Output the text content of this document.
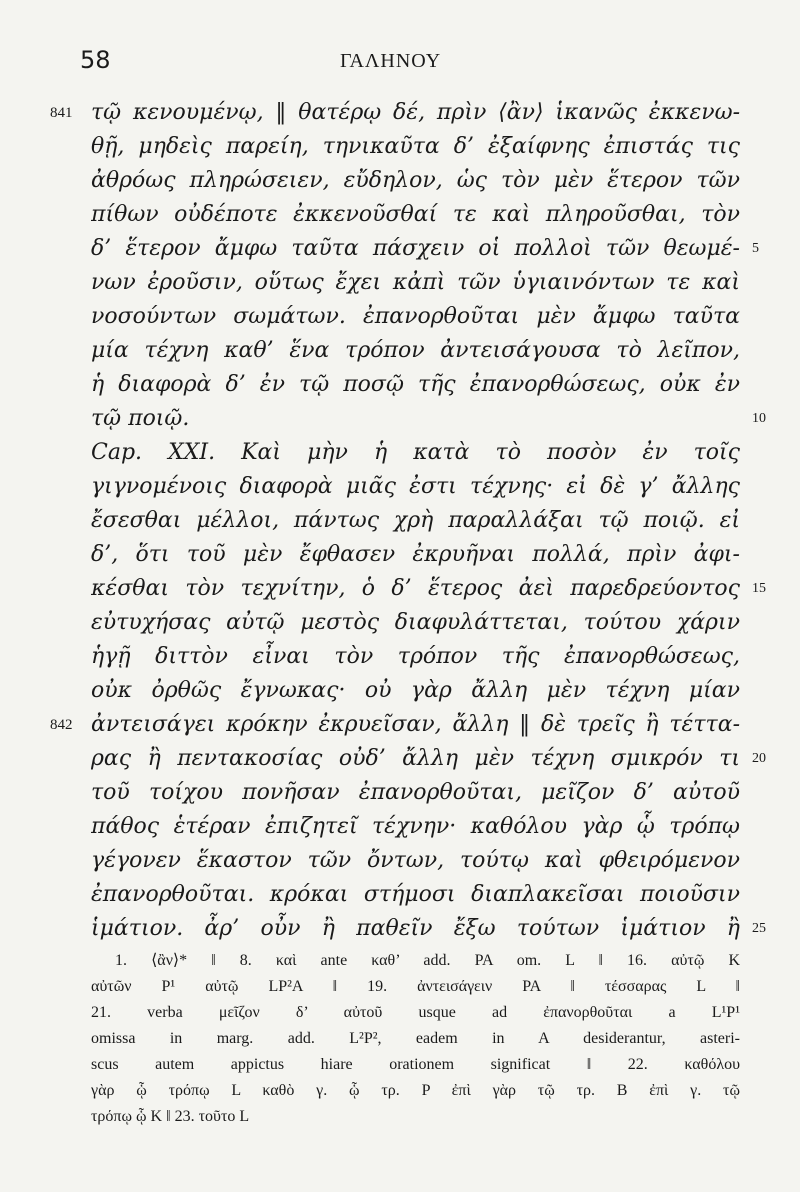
58	ΓΑΛΗΝΟΥ
841 τῷ κενουμένῳ, ‖ θατέρῳ δέ, πρὶν ⟨ἂν⟩ ἱκανῶς ἐκκενω-
θῇ, μηδεὶς παρείη, τηνικαῦτα δ’ ἐξαίφνης ἐπιστάς τις
ἀθρόως πληρώσειεν, εὔδηλον, ὡς τὸν μὲν ἕτερον τῶν
πίθων οὐδέποτε ἐκκενοῦσθαί τε καὶ πληροῦσθαι, τὸν
δ’ ἕτερον ἄμφω ταῦτα πάσχειν οἱ πολλοὶ τῶν θεωμέ- 5
νων ἐροῦσιν, οὕτως ἔχει κἀπὶ τῶν ὑγιαινόντων τε καὶ
νοσούντων σωμάτων. ἐπανορθοῦται μὲν ἄμφω ταῦτα
μία τέχνη καθ’ ἕνα τρόπον ἀντεισάγουσα τὸ λεῖπον,
ἡ διαφορὰ δ’ ἐν τῷ ποσῷ τῆς ἐπανορθώσεως, οὐκ ἐν
τῷ ποιῷ.	10
Cap. XXI. Καὶ μὴν ἡ κατὰ τὸ ποσὸν ἐν τοῖς
γιγνομένοις διαφορὰ μιᾶς ἐστι τέχνης· εἰ δὲ γ’ ἄλλης
ἔσεσθαι μέλλοι, πάντως χρὴ παραλλάξαι τῷ ποιῷ. εἰ
δ’, ὅτι τοῦ μὲν ἔφθασεν ἐκρυῆναι πολλά, πρὶν ἀφι-
κέσθαι τὸν τεχνίτην, ὁ δ’ ἕτερος ἀεὶ παρεδρεύοντος 15
εὐτυχήσας αὐτῷ μεστὸς διαφυλάττεται, τούτου χάριν
ἡγῇ διττὸν εἶναι τὸν τρόπον τῆς ἐπανορθώσεως,
οὐκ ὀρθῶς ἔγνωκας· οὐ γὰρ ἄλλη μὲν τέχνη μίαν
842 ἀντεισάγει κρόκην ἐκρυεῖσαν, ἄλλη ‖ δὲ τρεῖς ἢ τέττα-
ρας ἢ πεντακοσίας οὐδ’ ἄλλη μὲν τέχνη σμικρόν τι 20
τοῦ τοίχου πονῆσαν ἐπανορθοῦται, μεῖζον δ’ αὐτοῦ
πάθος ἑτέραν ἐπιζητεῖ τέχνην· καθόλου γὰρ ᾧ τρόπῳ
γέγονεν ἕκαστον τῶν ὄντων, τούτῳ καὶ φθειρόμενον
ἐπανορθοῦται. κρόκαι στήμοσι διαπλακεῖσαι ποιοῦσιν
ἱμάτιον. ἆρ’ οὖν ἢ παθεῖν ἔξω τούτων ἱμάτιον ἢ 25
1. ⟨ἂν⟩* ‖ 8. καὶ ante καθ’ add. PA om. L ‖ 16. αὐτῷ K
αὐτῶν P¹ αὐτῷ LP²A ‖ 19. ἀντεισάγειν PA ‖ τέσσαρας L ‖
21. verba μεῖζον δ’ αὐτοῦ usque ad ἐπανορθοῦται a L¹P¹
omissa in marg. add. L²P², eadem in A desiderantur, asteri-
scus autem appictus hiare orationem significat ‖ 22. καθόλου
γὰρ ᾧ τρόπῳ L καθὸ γ. ᾧ τρ. P ἐπὶ γὰρ τῷ τρ. B ἐπὶ γ. τῷ
τρόπῳ ᾧ K ‖ 23. τοῦτο L
